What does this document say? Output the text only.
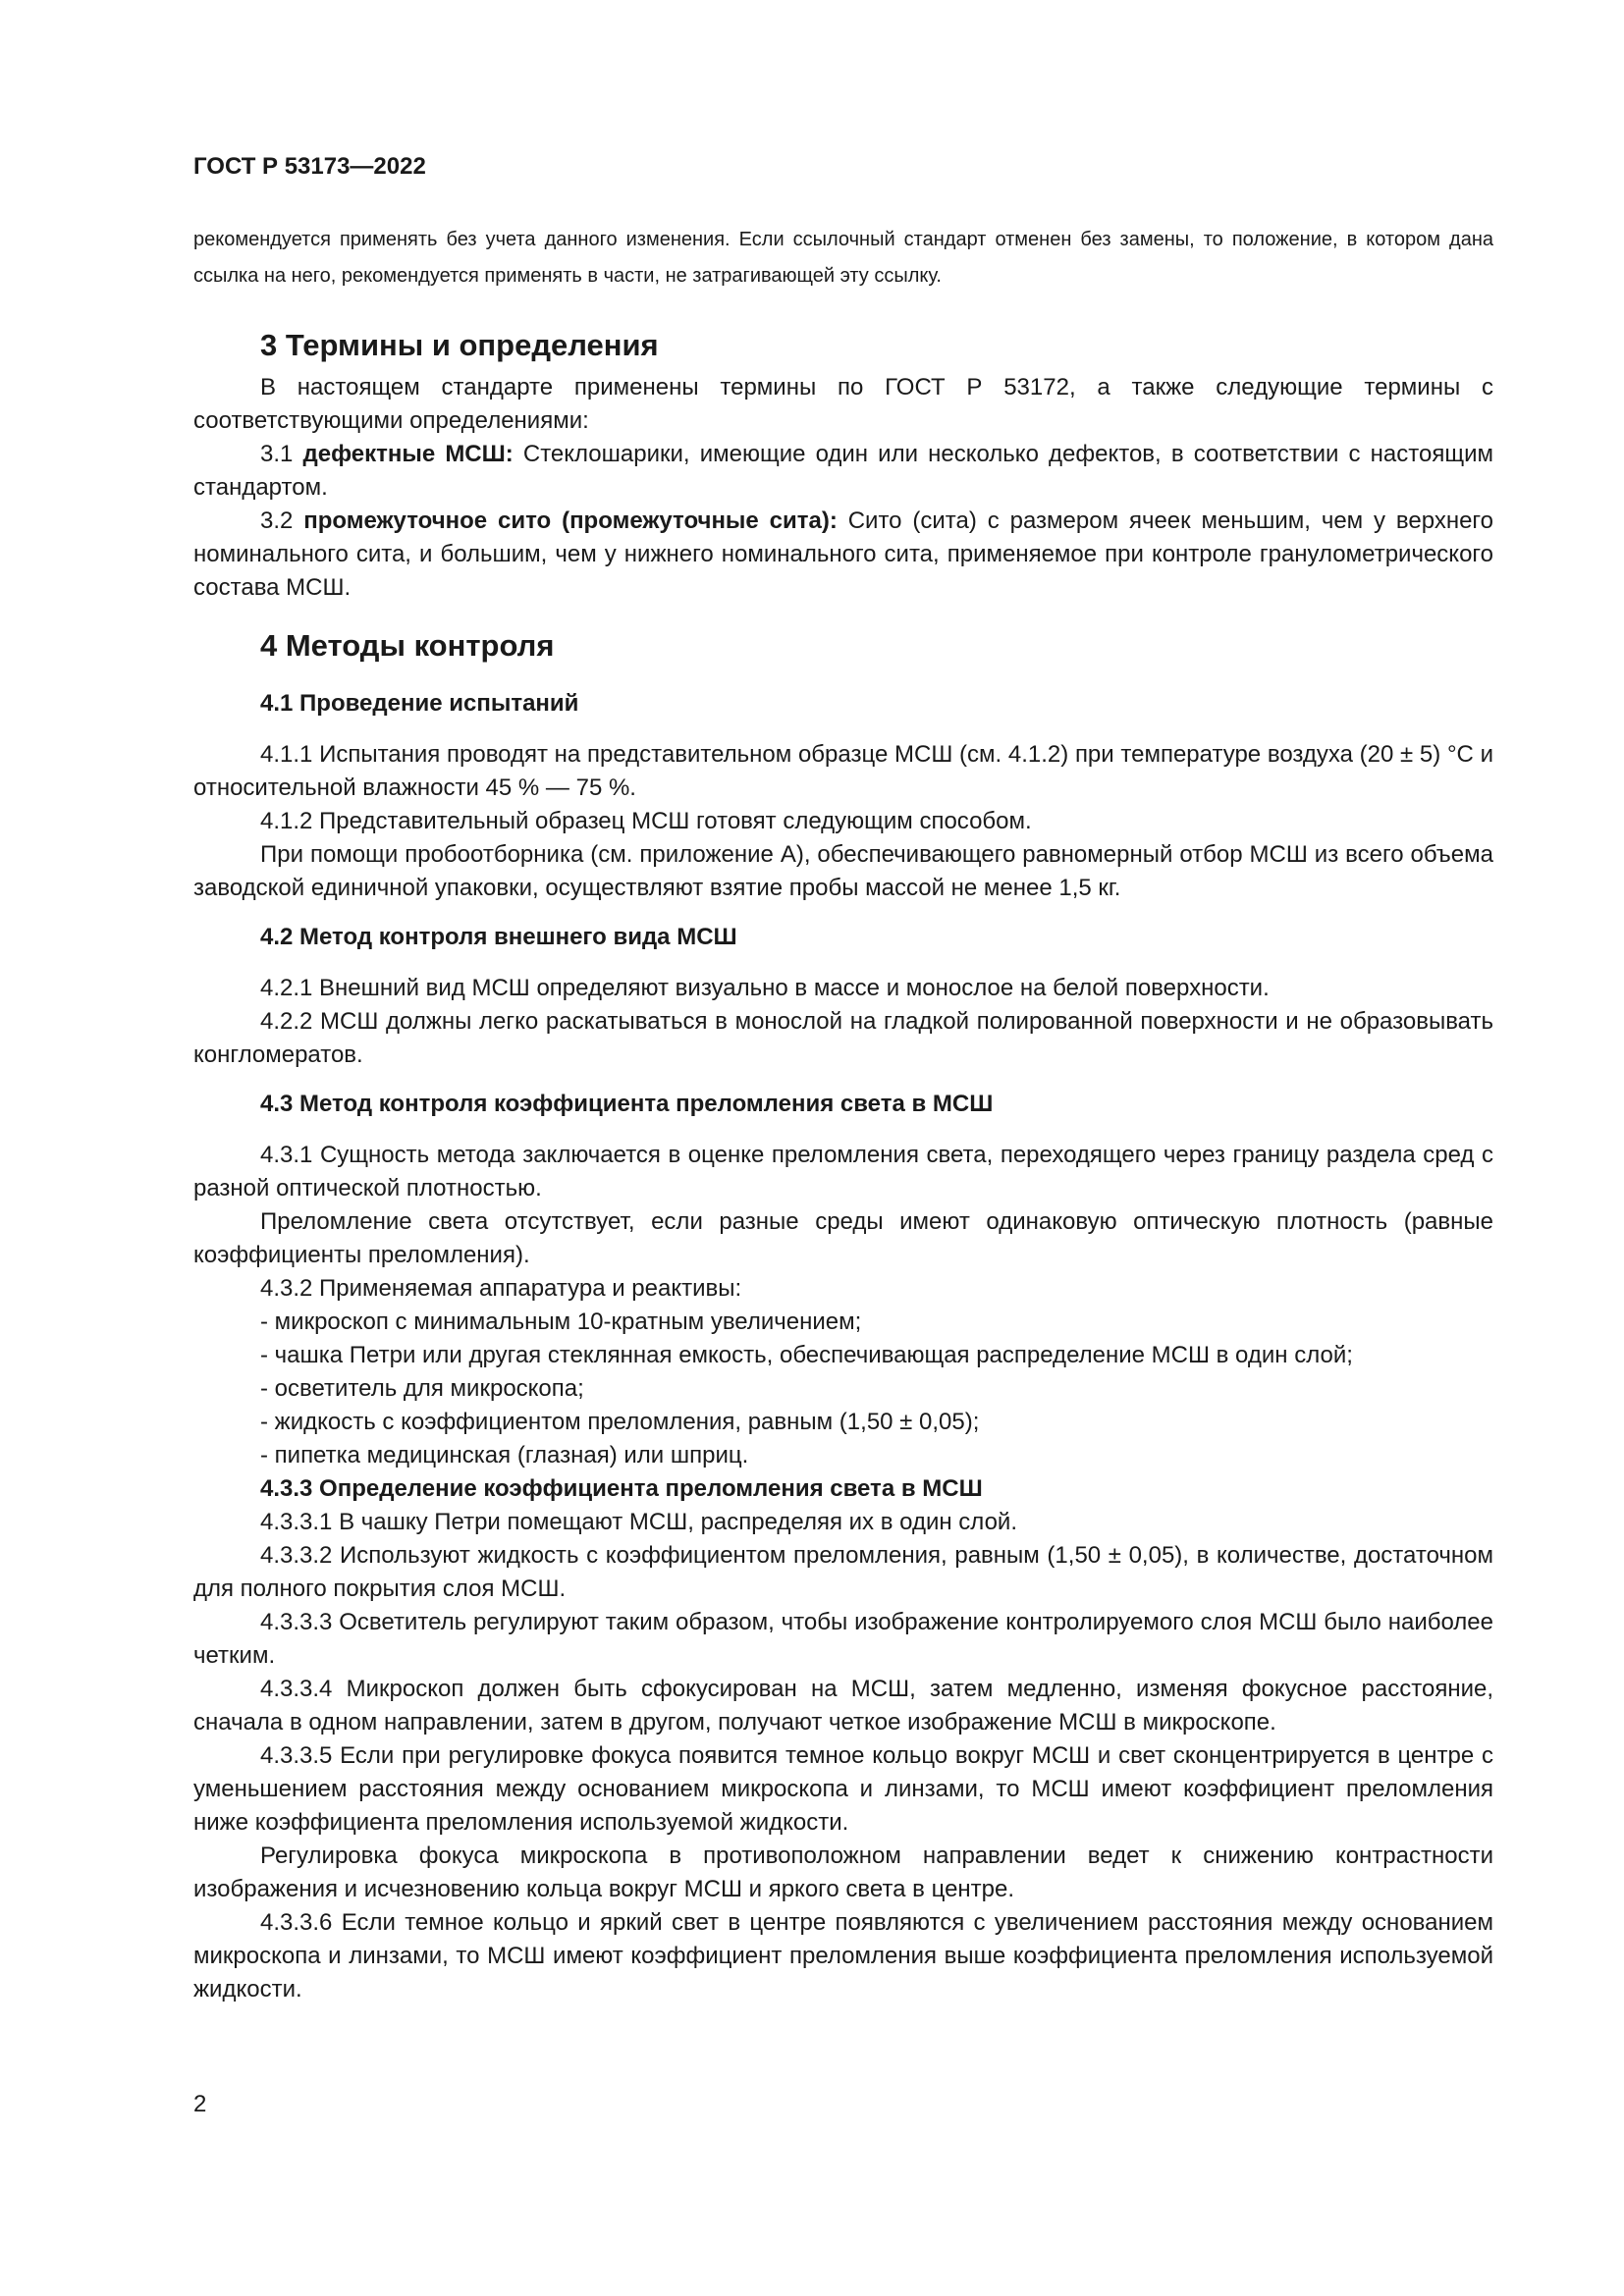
ГОСТ Р 53173—2022

рекомендуется применять без учета данного изменения. Если ссылочный стандарт отменен без замены, то положение, в котором дана ссылка на него, рекомендуется применять в части, не затрагивающей эту ссылку.

3 Термины и определения

В настоящем стандарте применены термины по ГОСТ Р 53172, а также следующие термины с соответствующими определениями:

3.1 дефектные МСШ: Стеклошарики, имеющие один или несколько дефектов, в соответствии с настоящим стандартом.

3.2 промежуточное сито (промежуточные сита): Сито (сита) с размером ячеек меньшим, чем у верхнего номинального сита, и большим, чем у нижнего номинального сита, применяемое при контроле гранулометрического состава МСШ.

4 Методы контроля
4.1 Проведение испытаний

4.1.1 Испытания проводят на представительном образце МСШ (см. 4.1.2) при температуре воздуха (20 ± 5) °С и относительной влажности 45 % — 75 %.

4.1.2 Представительный образец МСШ готовят следующим способом.

При помощи пробоотборника (см. приложение А), обеспечивающего равномерный отбор МСШ из всего объема заводской единичной упаковки, осуществляют взятие пробы массой не менее 1,5 кг.

4.2 Метод контроля внешнего вида МСШ

4.2.1 Внешний вид МСШ определяют визуально в массе и монослое на белой поверхности.

4.2.2 МСШ должны легко раскатываться в монослой на гладкой полированной поверхности и не образовывать конгломератов.

4.3 Метод контроля коэффициента преломления света в МСШ

4.3.1 Сущность метода заключается в оценке преломления света, переходящего через границу раздела сред с разной оптической плотностью.

Преломление света отсутствует, если разные среды имеют одинаковую оптическую плотность (равные коэффициенты преломления).

4.3.2 Применяемая аппаратура и реактивы:

- микроскоп с минимальным 10-кратным увеличением;

- чашка Петри или другая стеклянная емкость, обеспечивающая распределение МСШ в один слой;

- осветитель для микроскопа;

- жидкость с коэффициентом преломления, равным (1,50 ± 0,05);

- пипетка медицинская (глазная) или шприц.

4.3.3 Определение коэффициента преломления света в МСШ

4.3.3.1 В чашку Петри помещают МСШ, распределяя их в один слой.

4.3.3.2 Используют жидкость с коэффициентом преломления, равным (1,50 ± 0,05), в количестве, достаточном для полного покрытия слоя МСШ.

4.3.3.3 Осветитель регулируют таким образом, чтобы изображение контролируемого слоя МСШ было наиболее четким.

4.3.3.4 Микроскоп должен быть сфокусирован на МСШ, затем медленно, изменяя фокусное расстояние, сначала в одном направлении, затем в другом, получают четкое изображение МСШ в микроскопе.

4.3.3.5 Если при регулировке фокуса появится темное кольцо вокруг МСШ и свет сконцентрируется в центре с уменьшением расстояния между основанием микроскопа и линзами, то МСШ имеют коэффициент преломления ниже коэффициента преломления используемой жидкости.

Регулировка фокуса микроскопа в противоположном направлении ведет к снижению контрастности изображения и исчезновению кольца вокруг МСШ и яркого света в центре.

4.3.3.6 Если темное кольцо и яркий свет в центре появляются с увеличением расстояния между основанием микроскопа и линзами, то МСШ имеют коэффициент преломления выше коэффициента преломления используемой жидкости.

2
